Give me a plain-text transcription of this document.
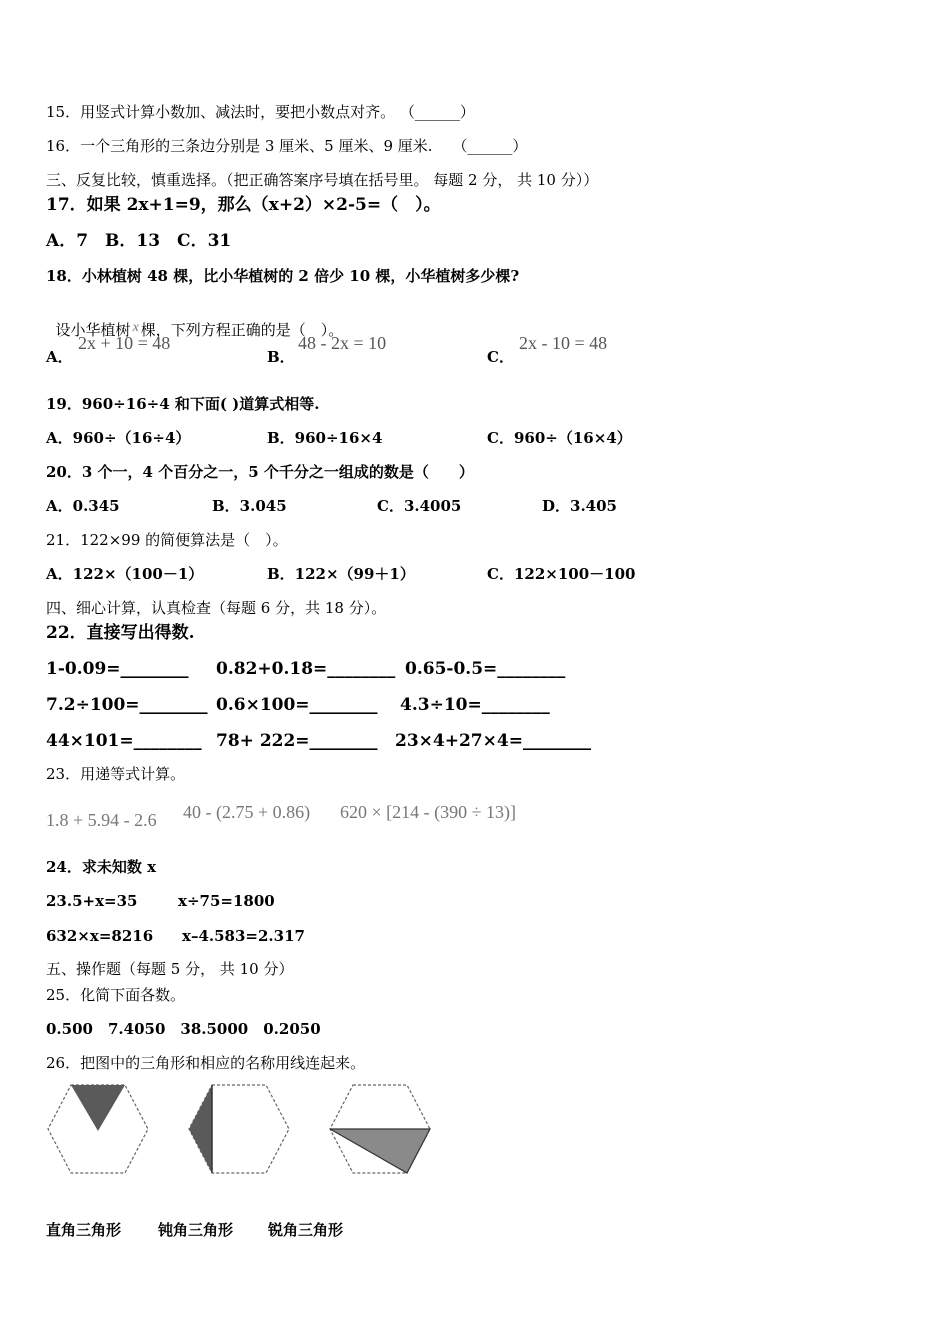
15．用竖式计算小数加、减法时，要把小数点对齐。 （______）
16．一个三角形的三条边分别是 3 厘米、5 厘米、9 厘米.　 （______）
三、反复比较，慎重选择。（把正确答案序号填在括号里。 每题 2 分， 共 10 分））
17．如果 2x+1=9，那么（x+2）×2-5=（　）。
A．7　B．13　C．31
18．小林植树 48 棵，比小华植树的 2 倍少 10 棵，小华植树多少棵?

设小华植树 x 棵，下列方程正确的是（　）。

A．
2x + 10 = 48
B．
48 - 2x = 10
C．
2x - 10 = 48
19．960÷16÷4 和下面( )道算式相等.
A．960÷（16÷4）	B．960÷16×4	C．960÷（16×4）
20．3 个一，4 个百分之一，5 个千分之一组成的数是（　　）
A．0.345	B．3.045	C．3.4005	D．3.405
21．122×99 的简便算法是（　）。
A．122×（100－1）	B．122×（99＋1）	C．122×100－100
四、细心计算，认真检查（每题 6 分，共 18 分）。
22．直接写出得数.
1-0.09=________ 0.82+0.18=________ 0.65-0.5=________
7.2÷100=________ 0.6×100=________ 4.3÷10=________
44×101=________ 78+ 222=________ 23×4+27×4=________
23．用递等式计算。
1.8 + 5.94 - 2.6 40 - (2.75 + 0.86) 620 × [214 - (390 ÷ 13)]
24．求未知数 x
23.5+x=35	x÷75=1800
632×x=8216 x–4.583=2.317
五、操作题（每题 5 分， 共 10 分）
25．化简下面各数。
0.500　7.4050　38.5000　0.2050
26．把图中的三角形和相应的名称用线连起来。
直角三角形 钝角三角形 锐角三角形
